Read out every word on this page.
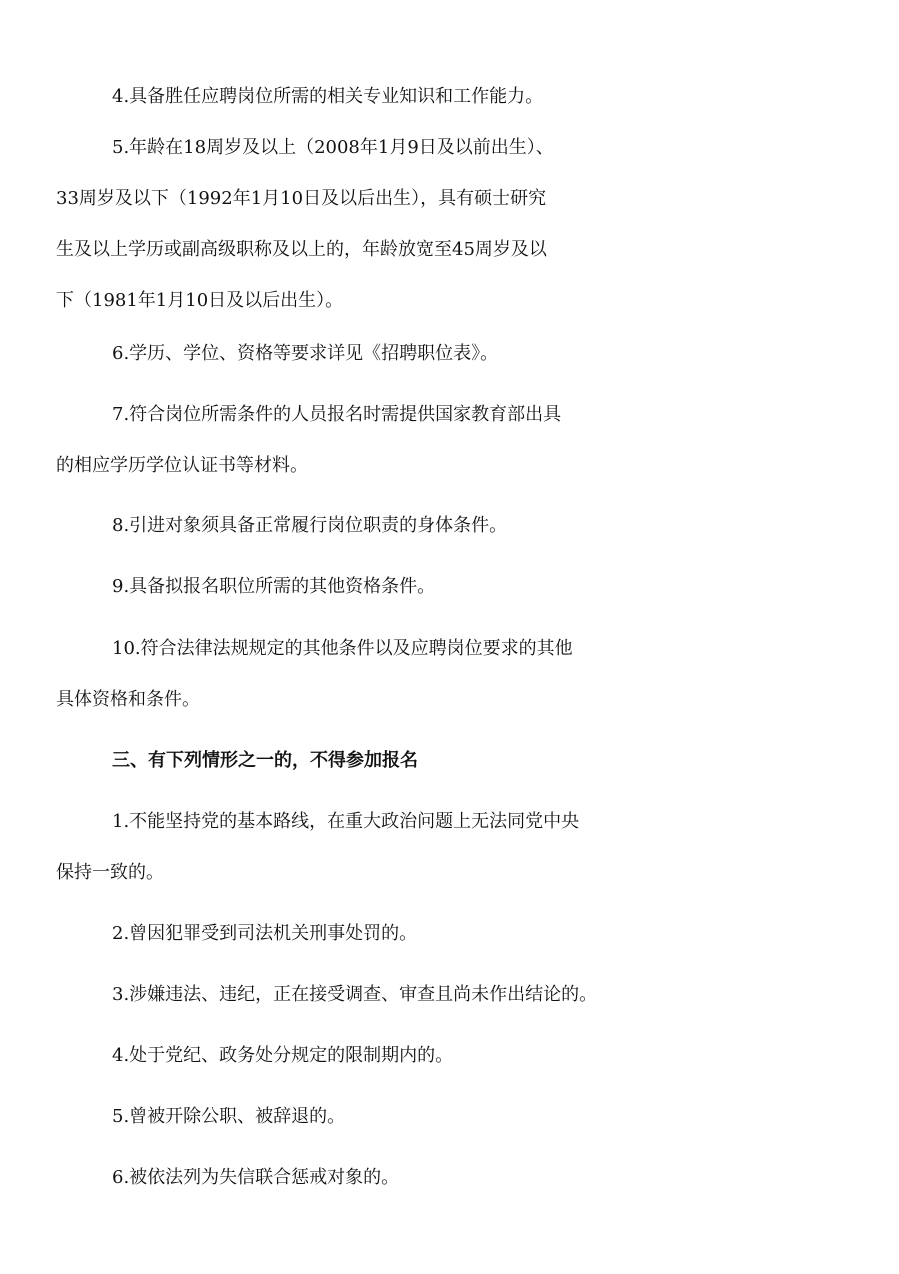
4.具备胜任应聘岗位所需的相关专业知识和工作能力。
5.年龄在18周岁及以上（2008年1月9日及以前出生）、
33周岁及以下（1992年1月10日及以后出生），具有硕士研究
生及以上学历或副高级职称及以上的，年龄放宽至45周岁及以
下（1981年1月10日及以后出生）。
6.学历、学位、资格等要求详见《招聘职位表》。
7.符合岗位所需条件的人员报名时需提供国家教育部出具
的相应学历学位认证书等材料。
8.引进对象须具备正常履行岗位职责的身体条件。
9.具备拟报名职位所需的其他资格条件。
10.符合法律法规规定的其他条件以及应聘岗位要求的其他
具体资格和条件。
三、有下列情形之一的，不得参加报名
1.不能坚持党的基本路线，在重大政治问题上无法同党中央
保持一致的。
2.曾因犯罪受到司法机关刑事处罚的。
3.涉嫌违法、违纪，正在接受调查、审查且尚未作出结论的。
4.处于党纪、政务处分规定的限制期内的。
5.曾被开除公职、被辞退的。
6.被依法列为失信联合惩戒对象的。
